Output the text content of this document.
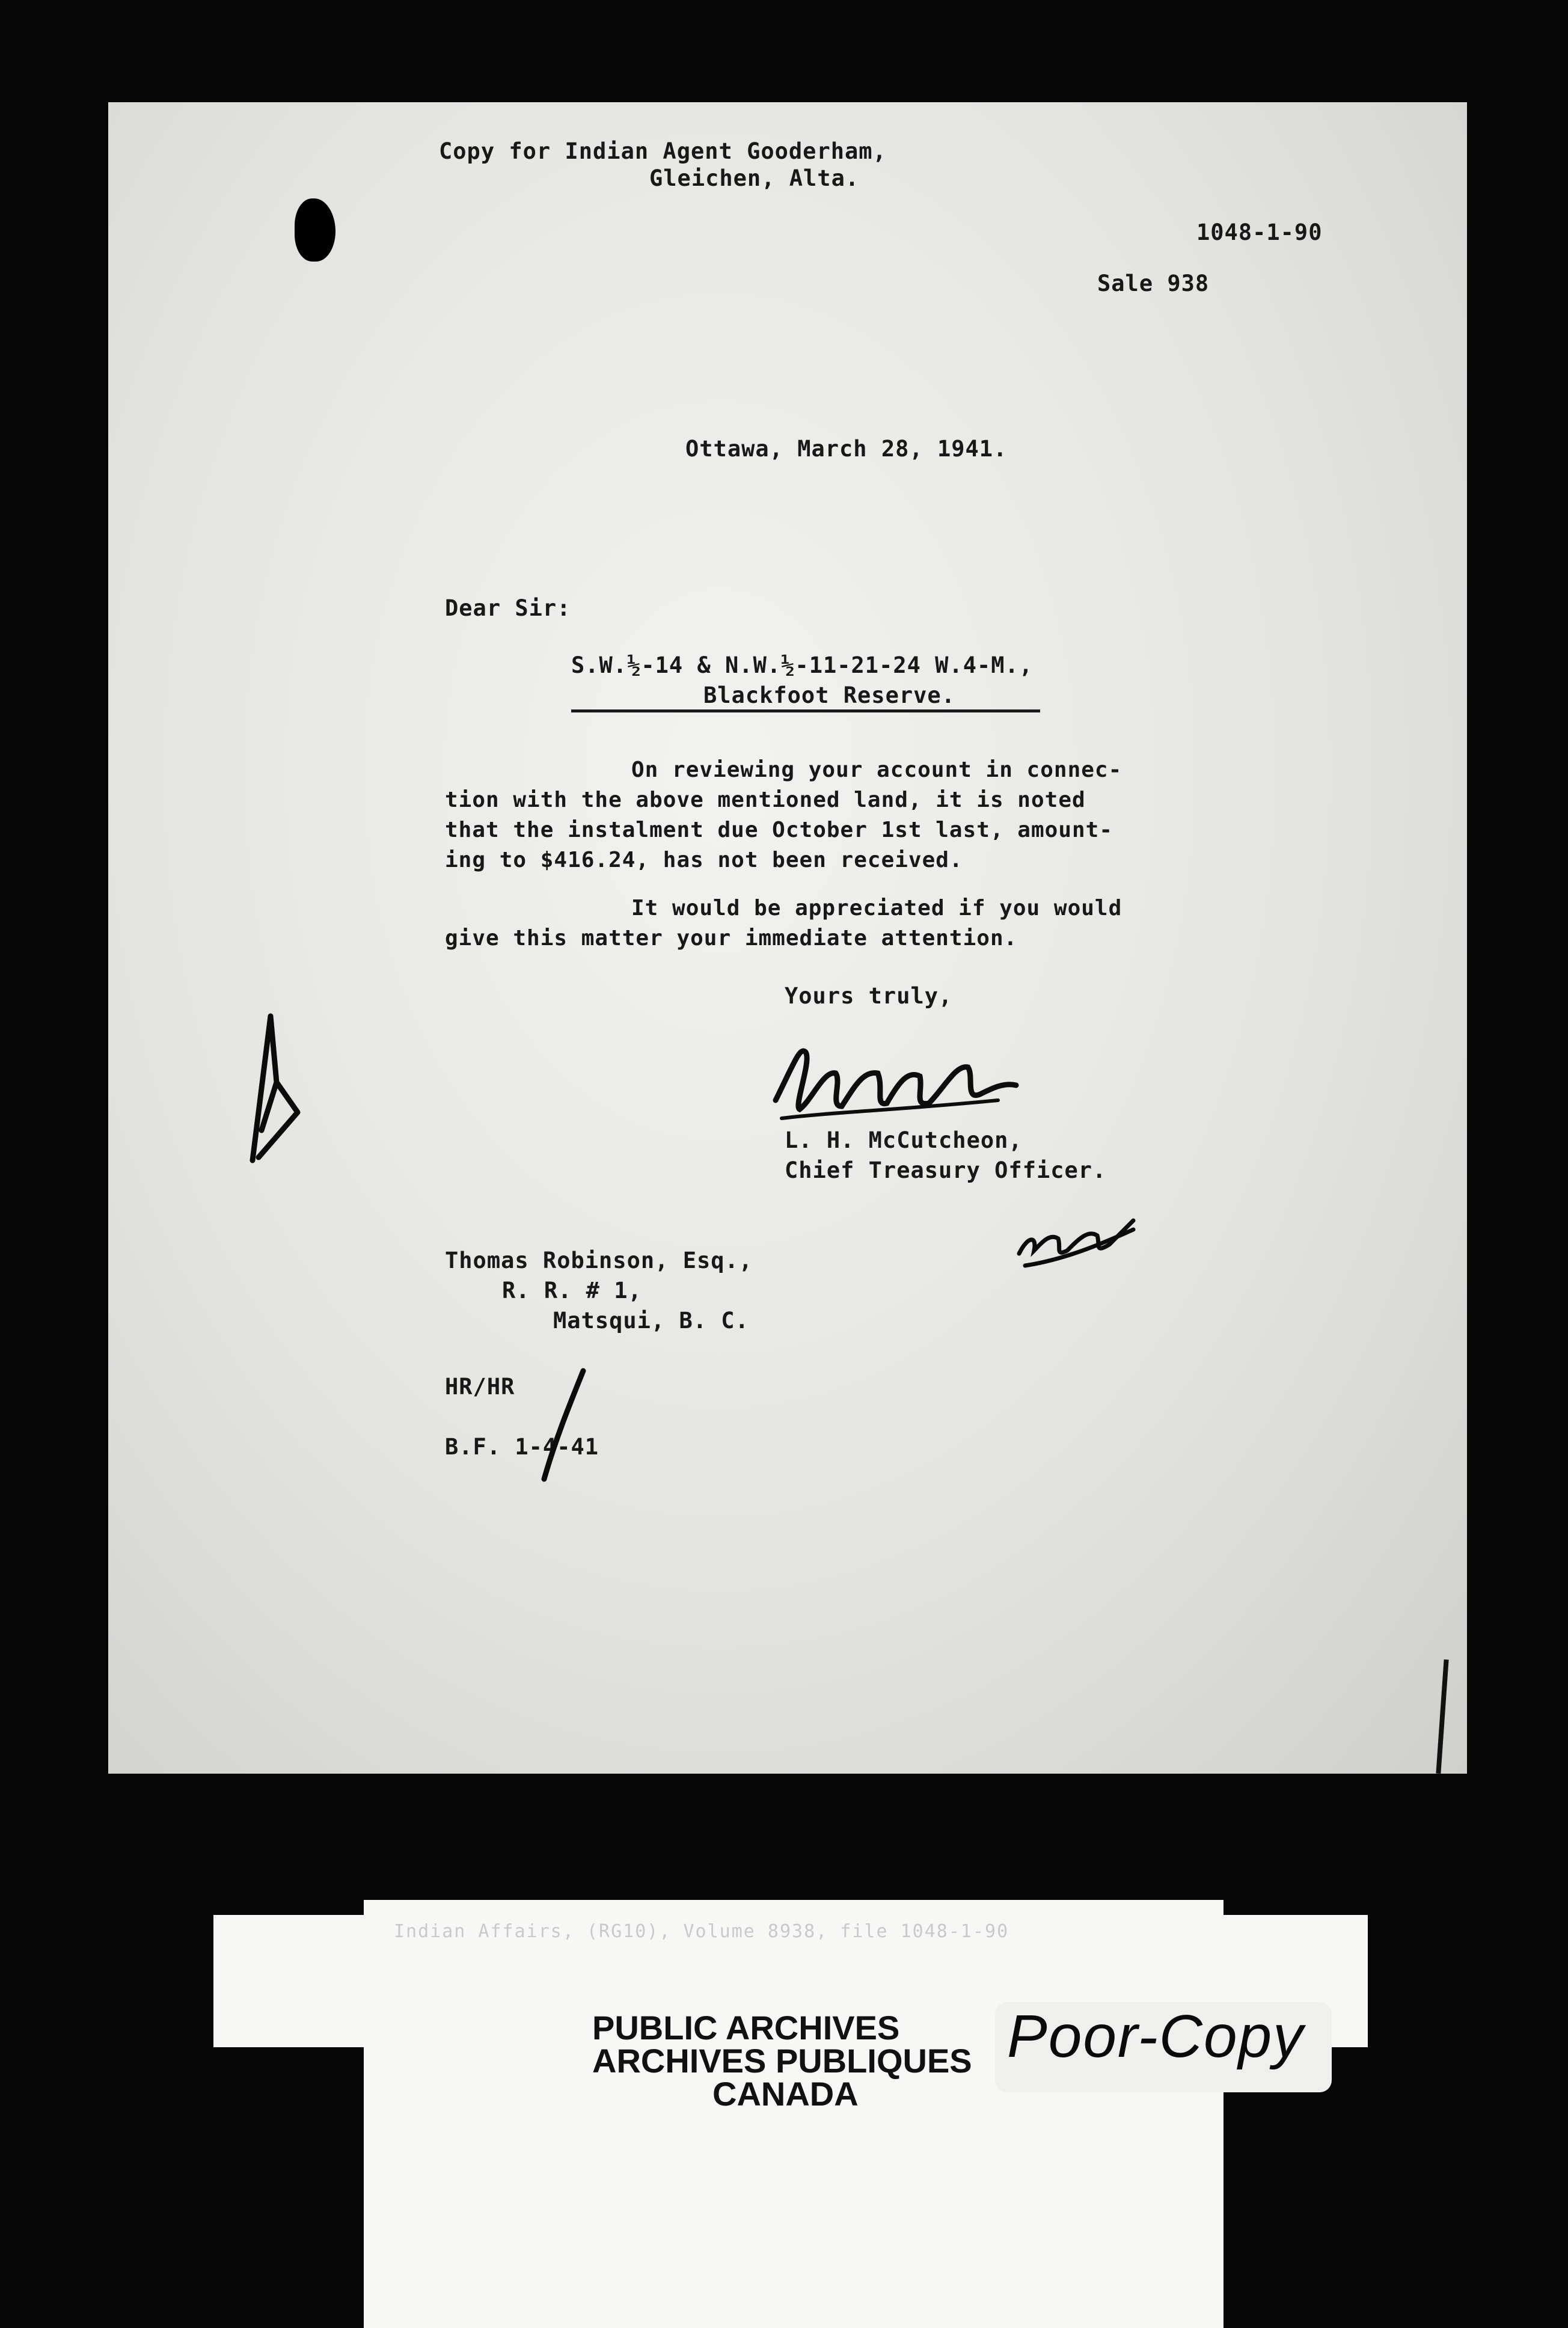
Copy for Indian Agent Gooderham,
Gleichen, Alta.
1048-1-90
Sale 938
Ottawa, March 28, 1941.
Dear Sir:
S.W.½-14 & N.W.½-11-21-24 W.4-M.,
Blackfoot Reserve.
On reviewing your account in connec-
tion with the above mentioned land, it is noted
that the instalment due October 1st last, amount-
ing to $416.24, has not been received.
It would be appreciated if you would
give this matter your immediate attention.
Yours truly,
L. H. McCutcheon,
Chief Treasury Officer.
Thomas Robinson, Esq.,
R. R. # 1,
Matsqui, B. C.
HR/HR
B.F. 1-4-41
Indian Affairs, (RG10), Volume 8938, file 1048-1-90
PUBLIC ARCHIVES
ARCHIVES PUBLIQUES
CANADA
Poor-Copy
